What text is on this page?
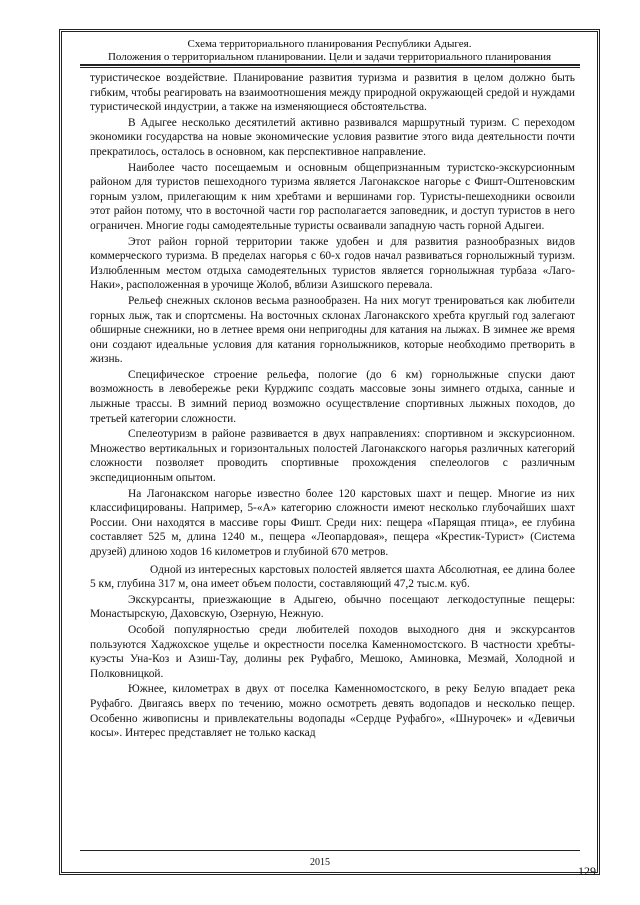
Схема территориального планирования Республики Адыгея.

Положения о территориальном планировании. Цели и задачи территориального планирования

туристическое воздействие. Планирование развития туризма и развития в целом должно быть гибким, чтобы реагировать на взаимоотношения между природной окружающей средой и нуждами туристической индустрии, а также на изменяющиеся обстоятельства.

В Адыгее несколько десятилетий активно развивался маршрутный туризм. С переходом экономики государства на новые экономические условия развитие этого вида деятельности почти прекратилось, осталось в основном, как перспективное направление.

Наиболее часто посещаемым и основным общепризнанным туристско-экскурсионным районом для туристов пешеходного туризма является Лагонакское нагорье с Фишт-Оштеновским горным узлом, прилегающим к ним хребтами и вершинами гор. Туристы-пешеходники освоили этот район потому, что в восточной части гор располагается заповедник, и доступ туристов в него ограничен. Многие годы самодеятельные туристы осваивали западную часть горной Адыгеи.

Этот район горной территории также удобен и для развития разнообразных видов коммерческого туризма. В пределах нагорья с 60-х годов начал развиваться горнолыжный туризм. Излюбленным местом отдыха самодеятельных туристов является горнолыжная турбаза «Лаго-Наки», расположенная в урочище Жолоб, вблизи Азишского перевала.

Рельеф снежных склонов весьма разнообразен. На них могут тренироваться как любители горных лыж, так и спортсмены. На восточных склонах Лагонакского хребта круглый год залегают обширные снежники, но в летнее время они непригодны для катания на лыжах. В зимнее же время они создают идеальные условия для катания горнолыжников, которые необходимо претворить в жизнь.

Специфическое строение рельефа, пологие (до 6 км) горнолыжные спуски дают возможность в левобережье реки Курджипс создать массовые зоны зимнего отдыха, санные и лыжные трассы. В зимний период возможно осуществление спортивных лыжных походов, до третьей категории сложности.

Спелеотуризм в районе развивается в двух направлениях: спортивном и экскурсионном. Множество вертикальных и горизонтальных полостей Лагонакского нагорья различных категорий сложности позволяет проводить спортивные прохождения спелеологов с различным экспедиционным опытом.

На Лагонакском нагорье известно более 120 карстовых шахт и пещер. Многие из них классифицированы. Например, 5-«А» категорию сложности имеют несколько глубочайших шахт России. Они находятся в массиве горы Фишт. Среди них: пещера «Парящая птица», ее глубина составляет 525 м, длина 1240 м., пещера «Леопардовая», пещера «Крестик-Турист» (Система друзей) длиною ходов 16 километров и глубиной 670 метров.

Одной из интересных карстовых полостей является шахта Абсолютная, ее длина более 5 км, глубина 317 м, она имеет объем полости, составляющий 47,2 тыс.м. куб.

Экскурсанты, приезжающие в Адыгею, обычно посещают легкодоступные пещеры: Монастырскую, Даховскую, Озерную, Нежную.

Особой популярностью среди любителей походов выходного дня и экскурсантов пользуются Хаджохское ущелье и окрестности поселка Каменномостского. В частности хребты-куэсты Уна-Коз и Азиш-Тау, долины рек Руфабго, Мешоко, Аминовка, Мезмай, Холодной и Полковницкой.

Южнее, километрах в двух от поселка Каменномостского, в реку Белую впадает река Руфабго. Двигаясь вверх по течению, можно осмотреть девять водопадов и несколько пещер. Особенно живописны и привлекательны водопады «Сердце Руфабго», «Шнурочек» и «Девичьи косы». Интерес представляет не только каскад

2015
129
